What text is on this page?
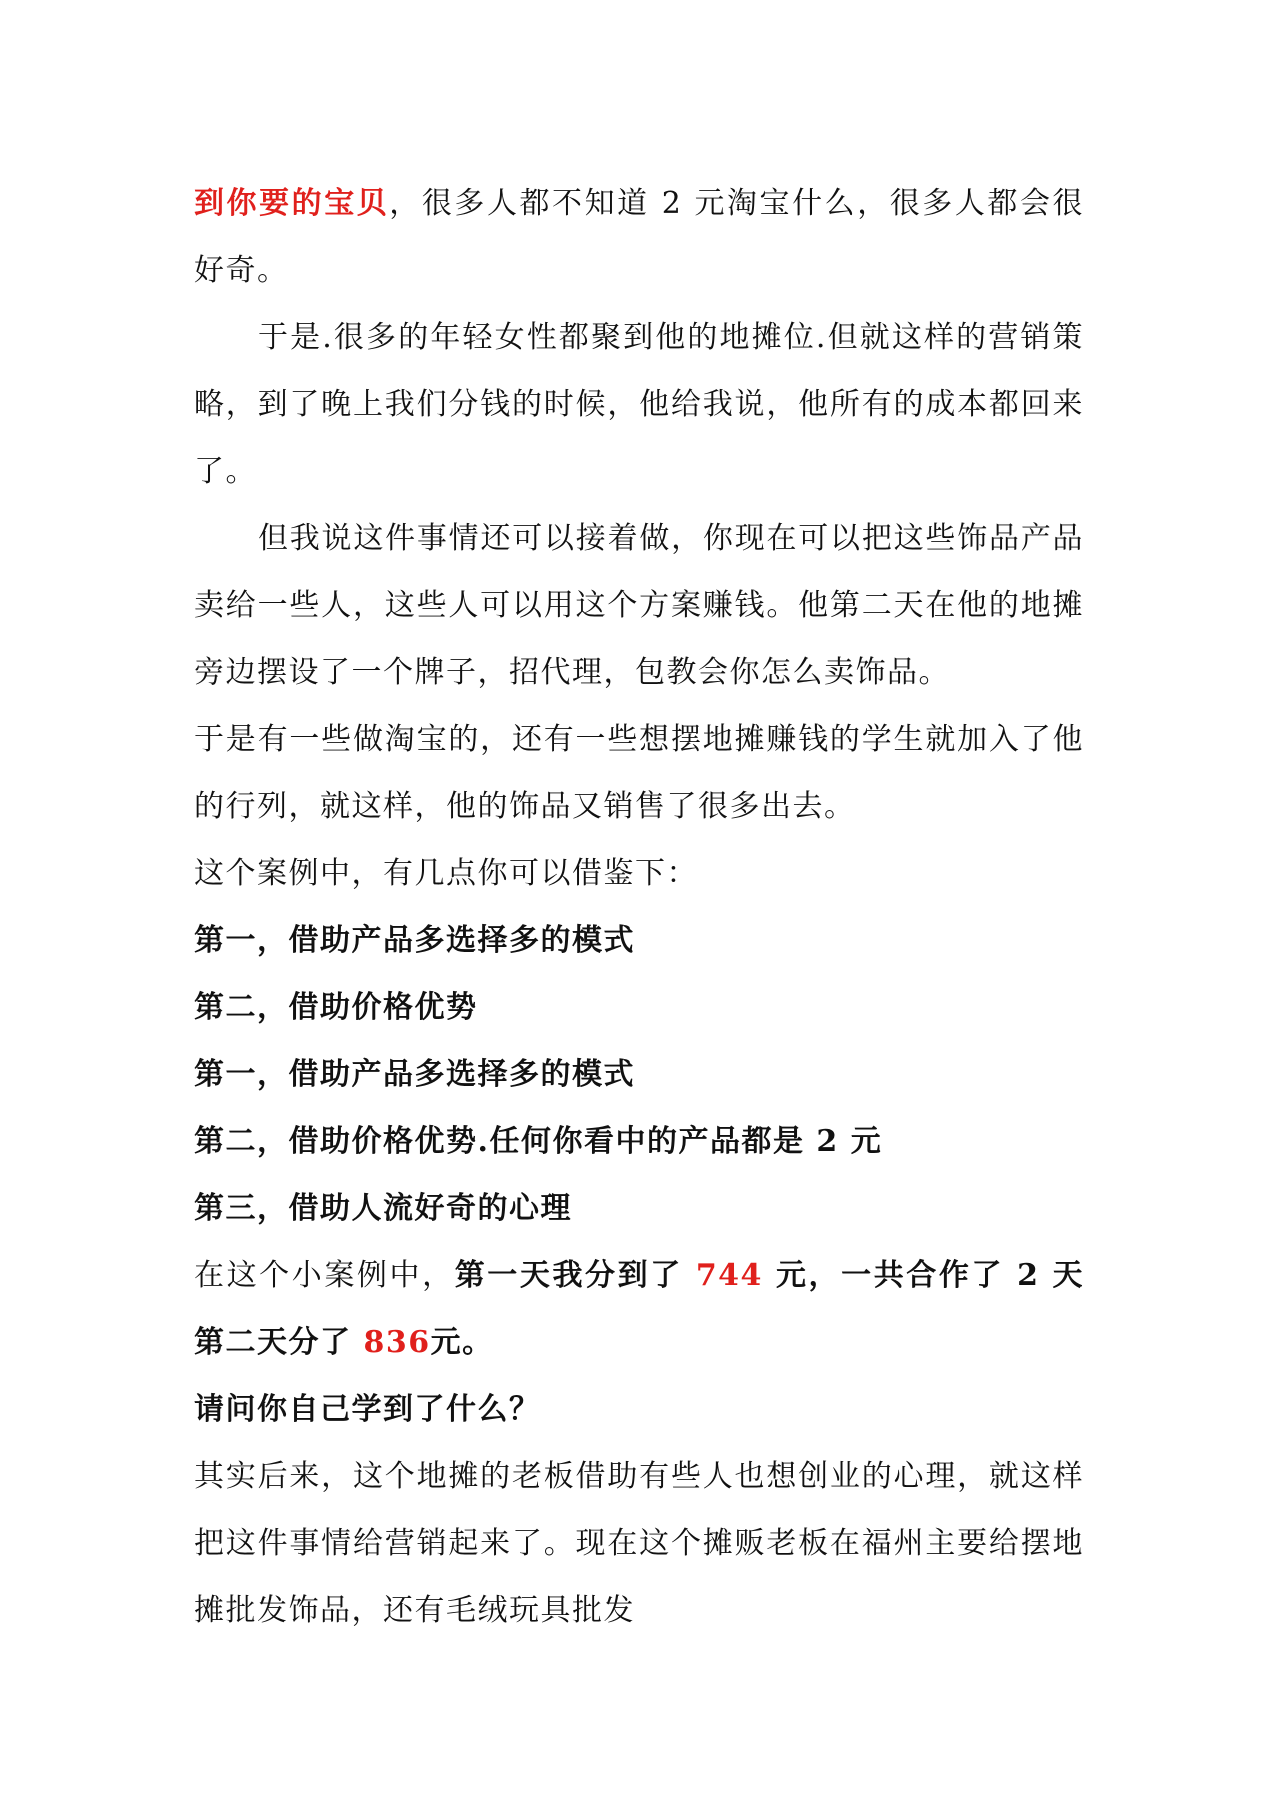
到你要的宝贝，很多人都不知道 2 元淘宝什么，很多人都会很好奇。

于是.很多的年轻女性都聚到他的地摊位.但就这样的营销策略，到了晚上我们分钱的时候，他给我说，他所有的成本都回来了。

但我说这件事情还可以接着做，你现在可以把这些饰品产品卖给一些人，这些人可以用这个方案赚钱。他第二天在他的地摊旁边摆设了一个牌子，招代理，包教会你怎么卖饰品。

于是有一些做淘宝的，还有一些想摆地摊赚钱的学生就加入了他的行列，就这样，他的饰品又销售了很多出去。

这个案例中，有几点你可以借鉴下：

第一，借助产品多选择多的模式

第二，借助价格优势

第一，借助产品多选择多的模式

第二，借助价格优势.任何你看中的产品都是 2 元

第三，借助人流好奇的心理

在这个小案例中，第一天我分到了 744 元，一共合作了 2 天第二天分了 836元。

请问你自己学到了什么？

其实后来，这个地摊的老板借助有些人也想创业的心理，就这样把这件事情给营销起来了。现在这个摊贩老板在福州主要给摆地摊批发饰品，还有毛绒玩具批发
